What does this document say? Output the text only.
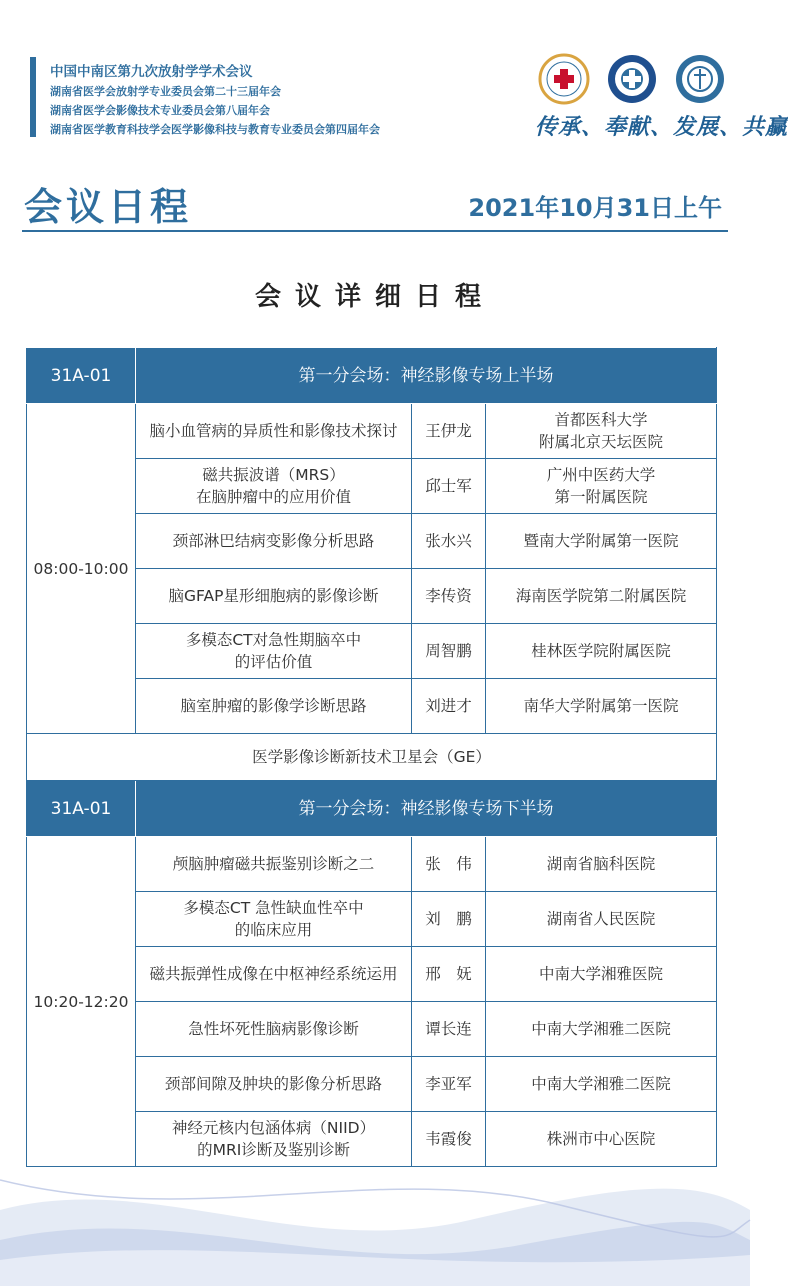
中国中南区第九次放射学学术会议
湖南省医学会放射学专业委员会第二十三届年会
湖南省医学会影像技术专业委员会第八届年会
湖南省医学教育科技学会医学影像科技与教育专业委员会第四届年会	传承、奉献、发展、共赢
会议日程	2021年10月31日上午
会议详细日程
31A-01	第一分会场：神经影像专场上半场		
08:00-10:00	脑小血管病的异质性和影像技术探讨	王伊龙	首都医科大学
附属北京天坛医院
	磁共振波谱（MRS）
在脑肿瘤中的应用价值	邱士军	广州中医药大学
第一附属医院
	颈部淋巴结病变影像分析思路	张水兴	暨南大学附属第一医院
	脑GFAP星形细胞病的影像诊断	李传资	海南医学院第二附属医院
	多模态CT对急性期脑卒中
的评估价值	周智鹏	桂林医学院附属医院
	脑室肿瘤的影像学诊断思路	刘进才	南华大学附属第一医院
医学影像诊断新技术卫星会（GE）			
31A-01	第一分会场：神经影像专场下半场		
10:20-12:20	颅脑肿瘤磁共振鉴别诊断之二	张　伟	湖南省脑科医院
	多模态CT 急性缺血性卒中
的临床应用	刘　鹏	湖南省人民医院
	磁共振弹性成像在中枢神经系统运用	邢　妩	中南大学湘雅医院
	急性坏死性脑病影像诊断	谭长连	中南大学湘雅二医院
	颈部间隙及肿块的影像分析思路	李亚军	中南大学湘雅二医院
	神经元核内包涵体病（NIID）
的MRI诊断及鉴别诊断	韦霞俊	株洲市中心医院
